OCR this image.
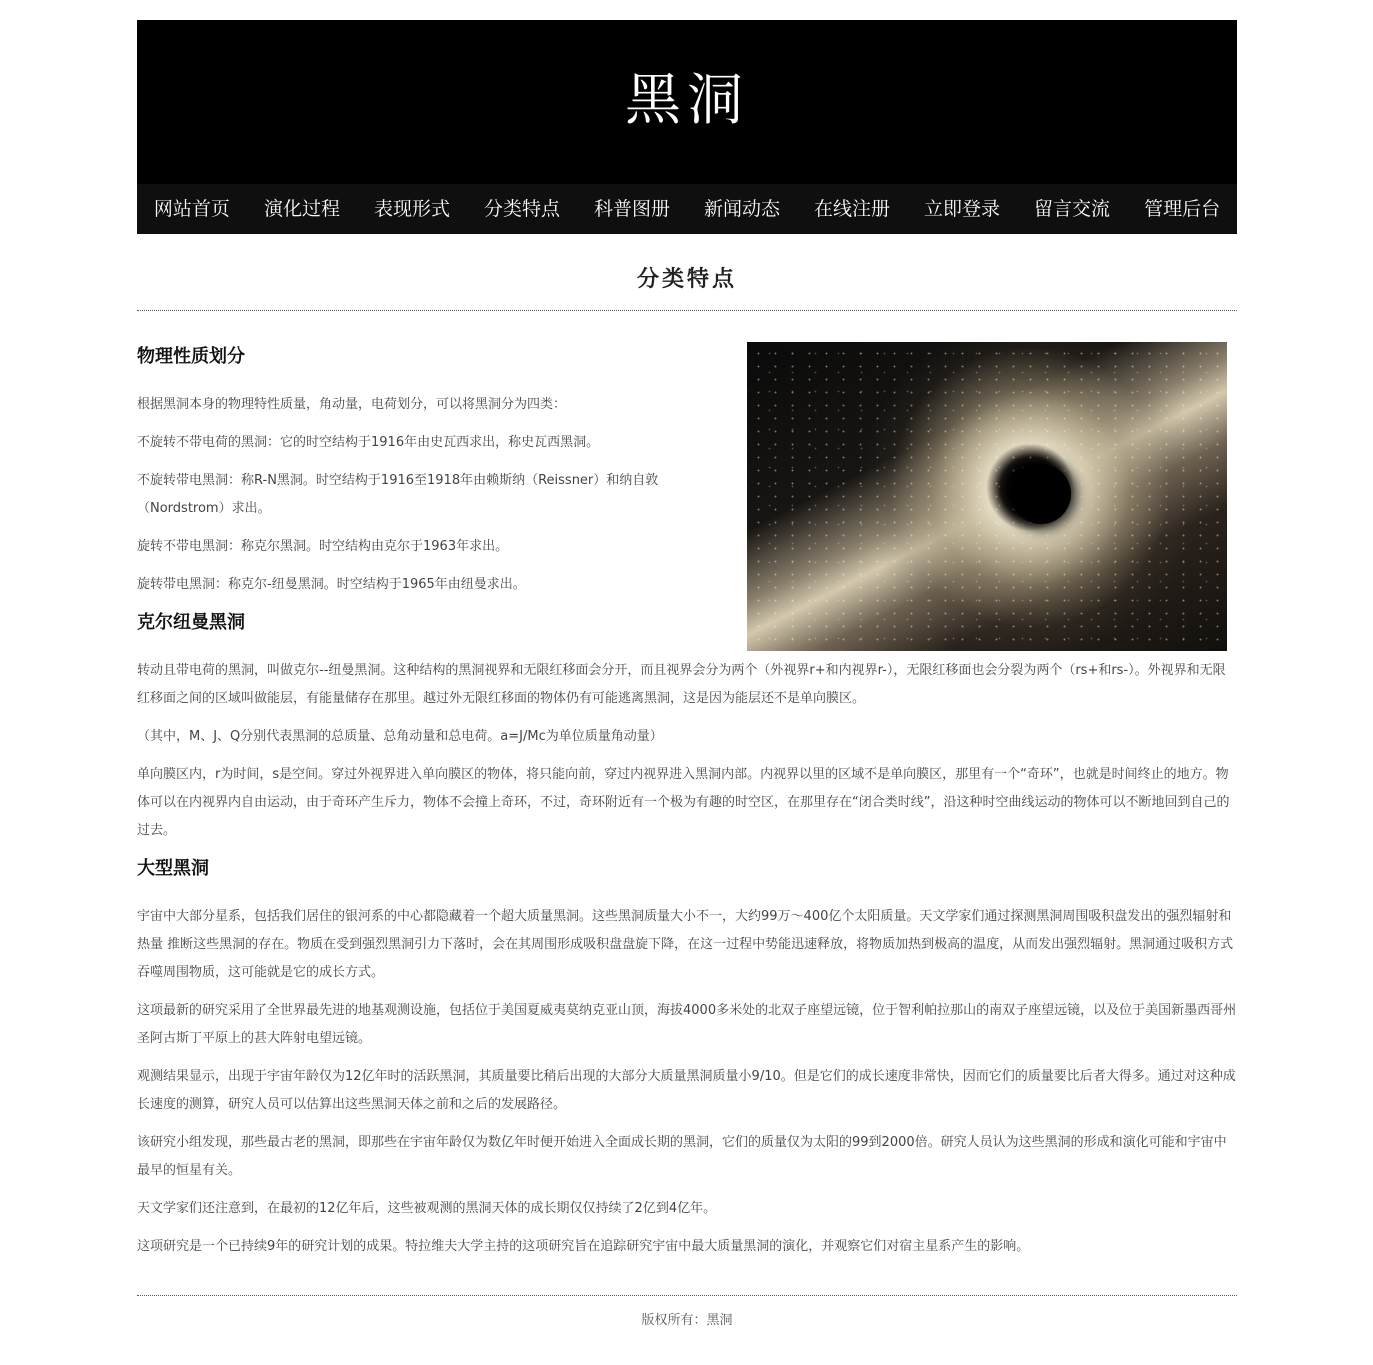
黑洞
网站首页	演化过程	表现形式	分类特点	科普图册	新闻动态	在线注册	立即登录	留言交流	管理后台
分类特点
物理性质划分

根据黑洞本身的物理特性质量，角动量，电荷划分，可以将黑洞分为四类：

不旋转不带电荷的黑洞：它的时空结构于1916年由史瓦西求出，称史瓦西黑洞。

不旋转带电黑洞：称R-N黑洞。时空结构于1916至1918年由赖斯纳（Reissner）和纳自敦（Nordstrom）求出。

旋转不带电黑洞：称克尔黑洞。时空结构由克尔于1963年求出。

旋转带电黑洞：称克尔-纽曼黑洞。时空结构于1965年由纽曼求出。

克尔纽曼黑洞

转动且带电荷的黑洞，叫做克尔--纽曼黑洞。这种结构的黑洞视界和无限红移面会分开，而且视界会分为两个（外视界r+和内视界r-），无限红移面也会分裂为两个（rs+和rs-）。外视界和无限红移面之间的区域叫做能层，有能量储存在那里。越过外无限红移面的物体仍有可能逃离黑洞，这是因为能层还不是单向膜区。

（其中，M、J、Q分别代表黑洞的总质量、总角动量和总电荷。a=J/Mc为单位质量角动量）

单向膜区内，r为时间，s是空间。穿过外视界进入单向膜区的物体，将只能向前，穿过内视界进入黑洞内部。内视界以里的区域不是单向膜区，那里有一个“奇环”，也就是时间终止的地方。物体可以在内视界内自由运动，由于奇环产生斥力，物体不会撞上奇环，不过，奇环附近有一个极为有趣的时空区，在那里存在“闭合类时线”，沿这种时空曲线运动的物体可以不断地回到自己的过去。

大型黑洞

宇宙中大部分星系，包括我们居住的银河系的中心都隐藏着一个超大质量黑洞。这些黑洞质量大小不一，大约99万～400亿个太阳质量。天文学家们通过探测黑洞周围吸积盘发出的强烈辐射和热量 推断这些黑洞的存在。物质在受到强烈黑洞引力下落时，会在其周围形成吸积盘盘旋下降，在这一过程中势能迅速释放，将物质加热到极高的温度，从而发出强烈辐射。黑洞通过吸积方式吞噬周围物质，这可能就是它的成长方式。

这项最新的研究采用了全世界最先进的地基观测设施，包括位于美国夏威夷莫纳克亚山顶，海拔4000多米处的北双子座望远镜，位于智利帕拉那山的南双子座望远镜，以及位于美国新墨西哥州圣阿古斯丁平原上的甚大阵射电望远镜。

观测结果显示，出现于宇宙年龄仅为12亿年时的活跃黑洞，其质量要比稍后出现的大部分大质量黑洞质量小9/10。但是它们的成长速度非常快，因而它们的质量要比后者大得多。通过对这种成长速度的测算，研究人员可以估算出这些黑洞天体之前和之后的发展路径。

该研究小组发现，那些最古老的黑洞，即那些在宇宙年龄仅为数亿年时便开始进入全面成长期的黑洞，它们的质量仅为太阳的99到2000倍。研究人员认为这些黑洞的形成和演化可能和宇宙中最早的恒星有关。

天文学家们还注意到，在最初的12亿年后，这些被观测的黑洞天体的成长期仅仅持续了2亿到4亿年。

这项研究是一个已持续9年的研究计划的成果。特拉维夫大学主持的这项研究旨在追踪研究宇宙中最大质量黑洞的演化，并观察它们对宿主星系产生的影响。

版权所有：黑洞
